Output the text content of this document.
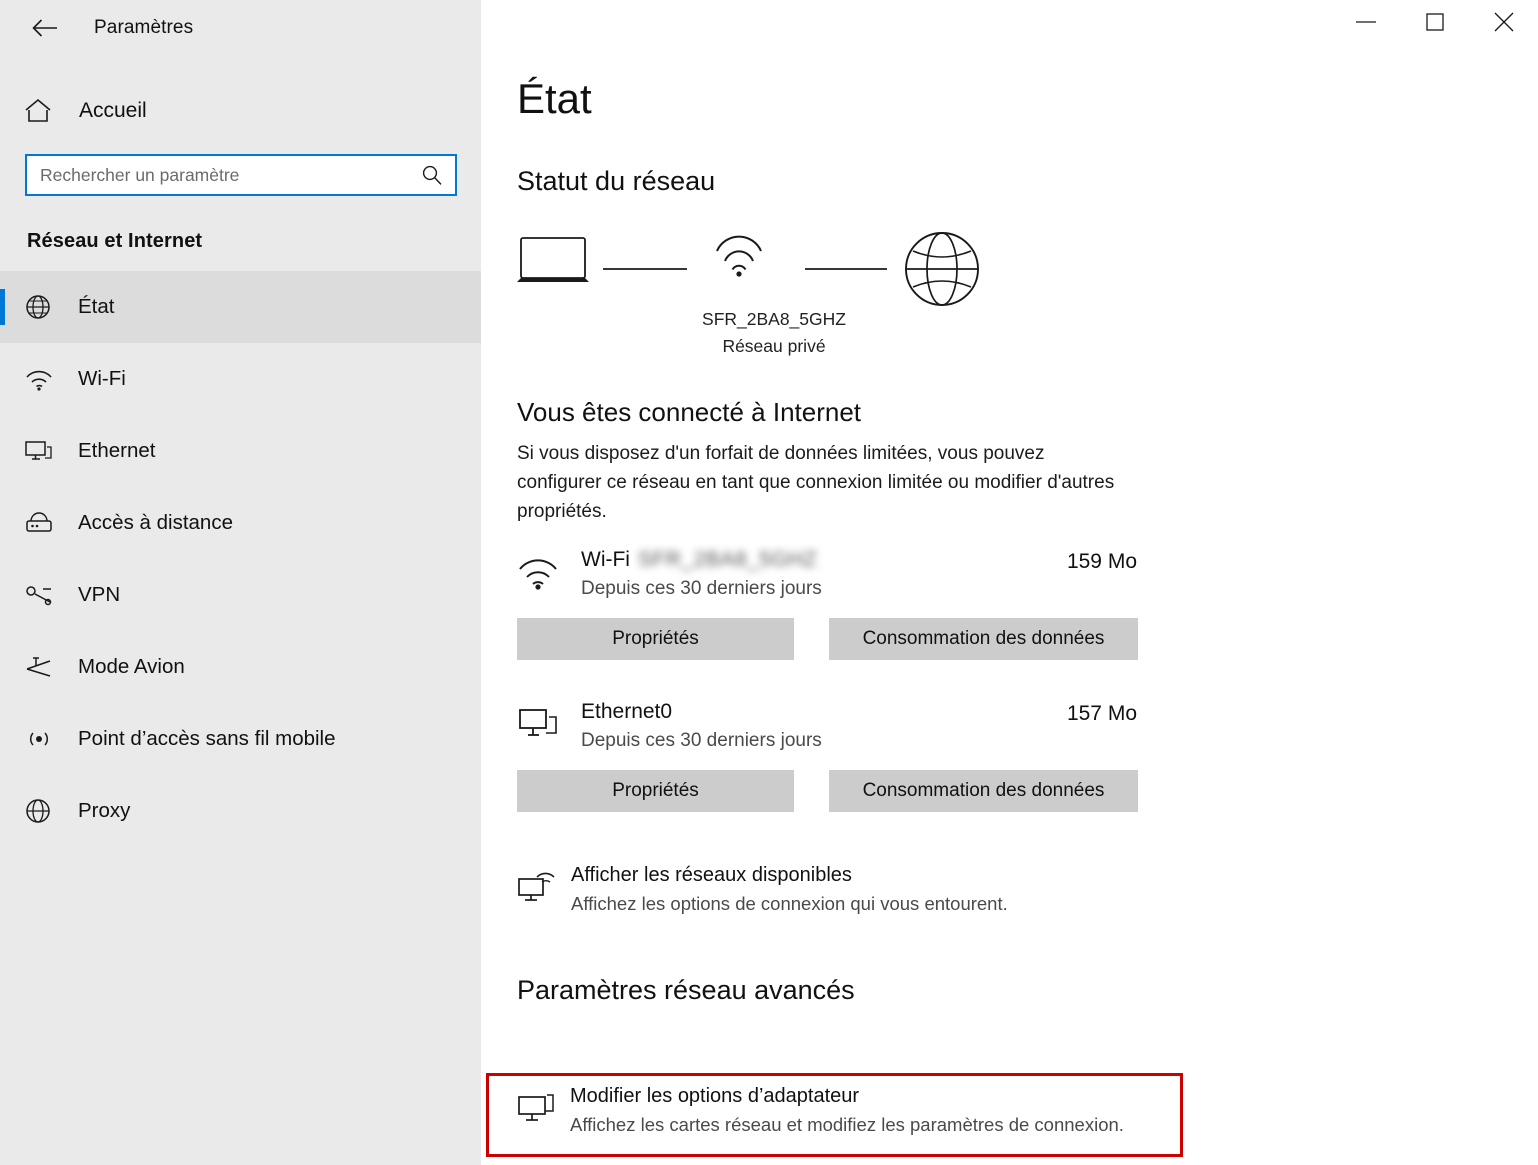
Paramètres
Accueil
Rechercher un paramètre
Réseau et Internet
État
Wi-Fi
Ethernet
Accès à distance
VPN
Mode Avion
Point d’accès sans fil mobile
Proxy
État
Statut du réseau
SFR_2BA8_5GHZ
Réseau privé
Vous êtes connecté à Internet

Si vous disposez d'un forfait de données limitées, vous pouvez configurer ce réseau en tant que connexion limitée ou modifier d'autres propriétés.

Wi-Fi SFR_2BA8_5GHZ
Depuis ces 30 derniers jours
159 Mo
Propriétés	Consommation des données
Ethernet0
Depuis ces 30 derniers jours
157 Mo
Propriétés	Consommation des données
Afficher les réseaux disponibles
Affichez les options de connexion qui vous entourent.
Paramètres réseau avancés
Modifier les options d’adaptateur
Affichez les cartes réseau et modifiez les paramètres de connexion.
